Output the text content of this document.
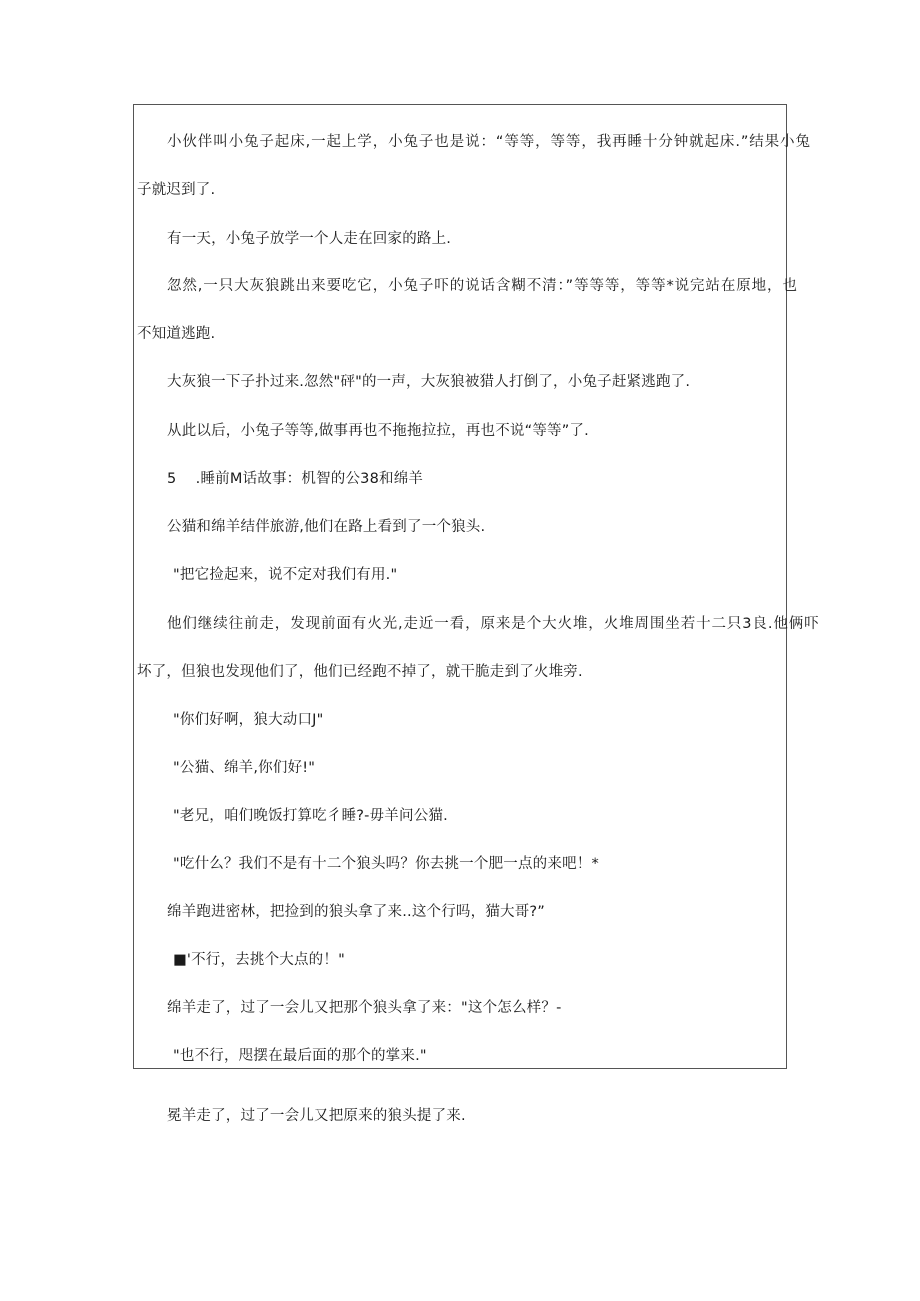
小伙伴叫小兔子起床,一起上学，小兔子也是说：“等等，等等，我再睡十分钟就起床.”结果小兔
子就迟到了.
有一天，小兔子放学一个人走在回家的路上.
忽然,一只大灰狼跳出来要吃它，小兔子吓的说话含糊不清：”等等等，等等*说完站在原地，也
不知道逃跑.
大灰狼一下子扑过来.忽然"砰"的一声，大灰狼被猎人打倒了，小兔子赶紧逃跑了.
从此以后，小兔子等等,做事再也不拖拖拉拉，再也不说“等等”了.
5    .睡前M话故事：机智的公38和绵羊
公猫和绵羊结伴旅游,他们在路上看到了一个狼头.
"把它捡起来，说不定对我们有用."
他们继续往前走，发现前面有火光,走近一看，原来是个大火堆，火堆周围坐若十二只3良.他俩吓
坏了，但狼也发现他们了，他们已经跑不掉了，就干脆走到了火堆旁.
"你们好啊，狼大动口J"
"公猫、绵羊,你们好!"
"老兄，咱们晚饭打算吃彳睡?-毋羊问公猫.
"吃什么？我们不是有十二个狼头吗？你去挑一个肥一点的来吧！*
绵羊跑进密林，把捡到的狼头拿了来..这个行吗，猫大哥?”
■'不行，去挑个大点的！"
绵羊走了，过了一会儿又把那个狼头拿了来："这个怎么样？-
"也不行，咫摆在最后面的那个的掌来."
冕羊走了，过了一会儿又把原来的狼头提了来.
